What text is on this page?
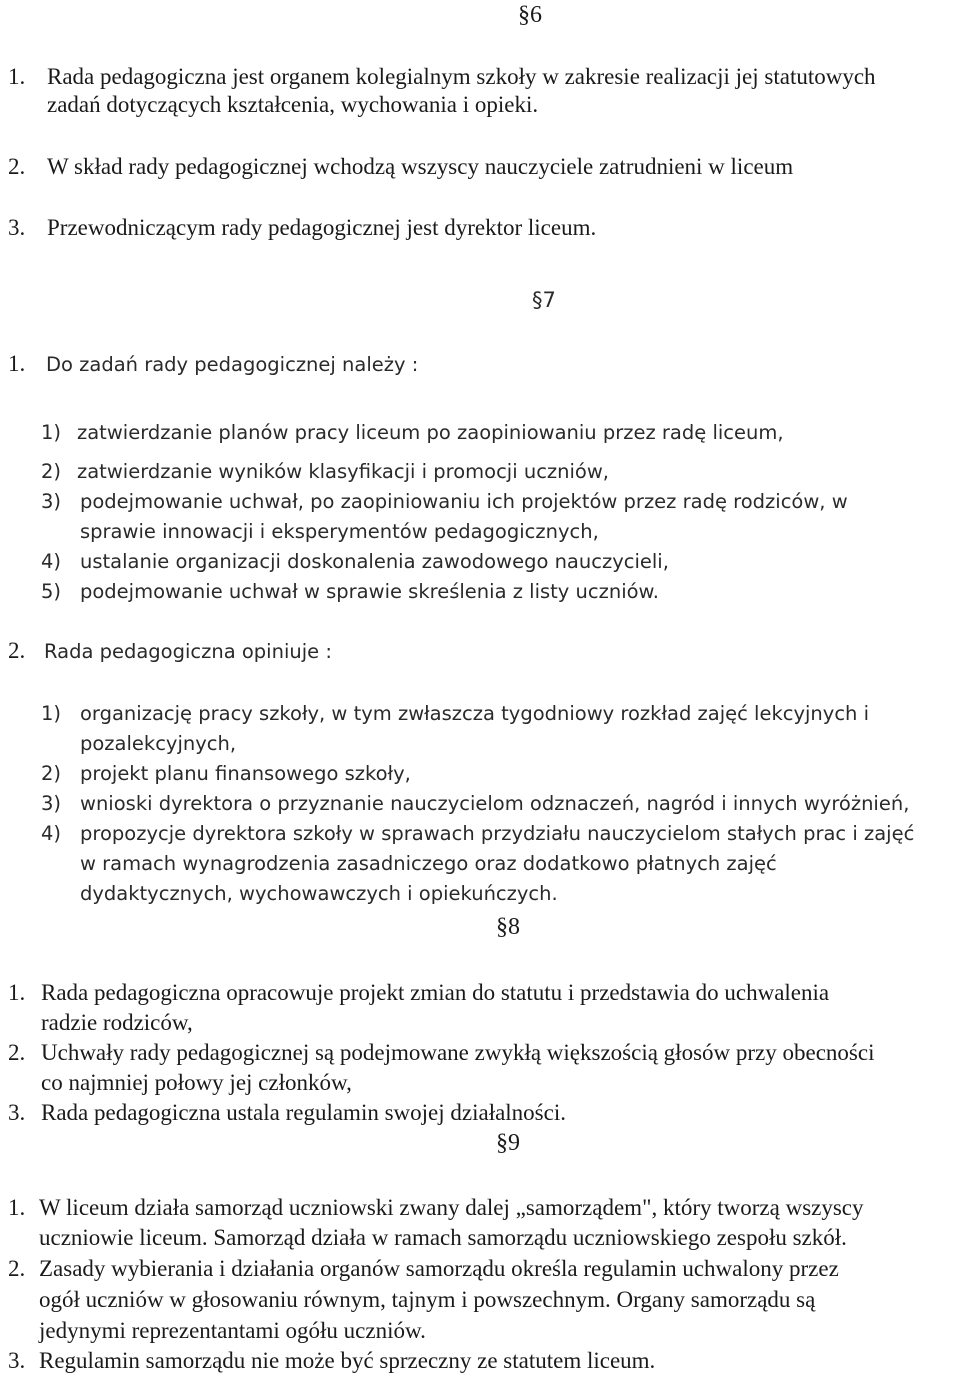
§6
1. Rada pedagogiczna jest organem kolegialnym szkoły w zakresie realizacji jej statutowych
zadań dotyczących kształcenia, wychowania i opieki.
2. W skład rady pedagogicznej wchodzą wszyscy nauczyciele zatrudnieni w liceum
3. Przewodniczącym rady pedagogicznej jest dyrektor liceum.
§7
1. Do zadań rady pedagogicznej należy :
1) zatwierdzanie planów pracy liceum po zaopiniowaniu przez radę liceum,
2) zatwierdzanie wyników klasyfikacji i promocji uczniów,
3) podejmowanie uchwał, po zaopiniowaniu ich projektów przez radę rodziców, w
sprawie innowacji i eksperymentów pedagogicznych,
4) ustalanie organizacji doskonalenia zawodowego nauczycieli,
5) podejmowanie uchwał w sprawie skreślenia z listy uczniów.
2. Rada pedagogiczna opiniuje :
1) organizację pracy szkoły, w tym zwłaszcza tygodniowy rozkład zajęć lekcyjnych i
pozalekcyjnych,
2) projekt planu finansowego szkoły,
3) wnioski dyrektora o przyznanie nauczycielom odznaczeń, nagród i innych wyróżnień,
4) propozycje dyrektora szkoły w sprawach przydziału nauczycielom stałych prac i zajęć
w ramach wynagrodzenia zasadniczego oraz dodatkowo płatnych zajęć
dydaktycznych, wychowawczych i opiekuńczych.
§8
1. Rada pedagogiczna opracowuje projekt zmian do statutu i przedstawia do uchwalenia
radzie rodziców,
2. Uchwały rady pedagogicznej są podejmowane zwykłą większością głosów przy obecności
co najmniej połowy jej członków,
3. Rada pedagogiczna ustala regulamin swojej działalności.
§9
1. W liceum działa samorząd uczniowski zwany dalej „samorządem", który tworzą wszyscy
uczniowie liceum. Samorząd działa w ramach samorządu uczniowskiego zespołu szkół.
2. Zasady wybierania i działania organów samorządu określa regulamin uchwalony przez
ogół uczniów w głosowaniu równym, tajnym i powszechnym. Organy samorządu są
jedynymi reprezentantami ogółu uczniów.
3. Regulamin samorządu nie może być sprzeczny ze statutem liceum.
